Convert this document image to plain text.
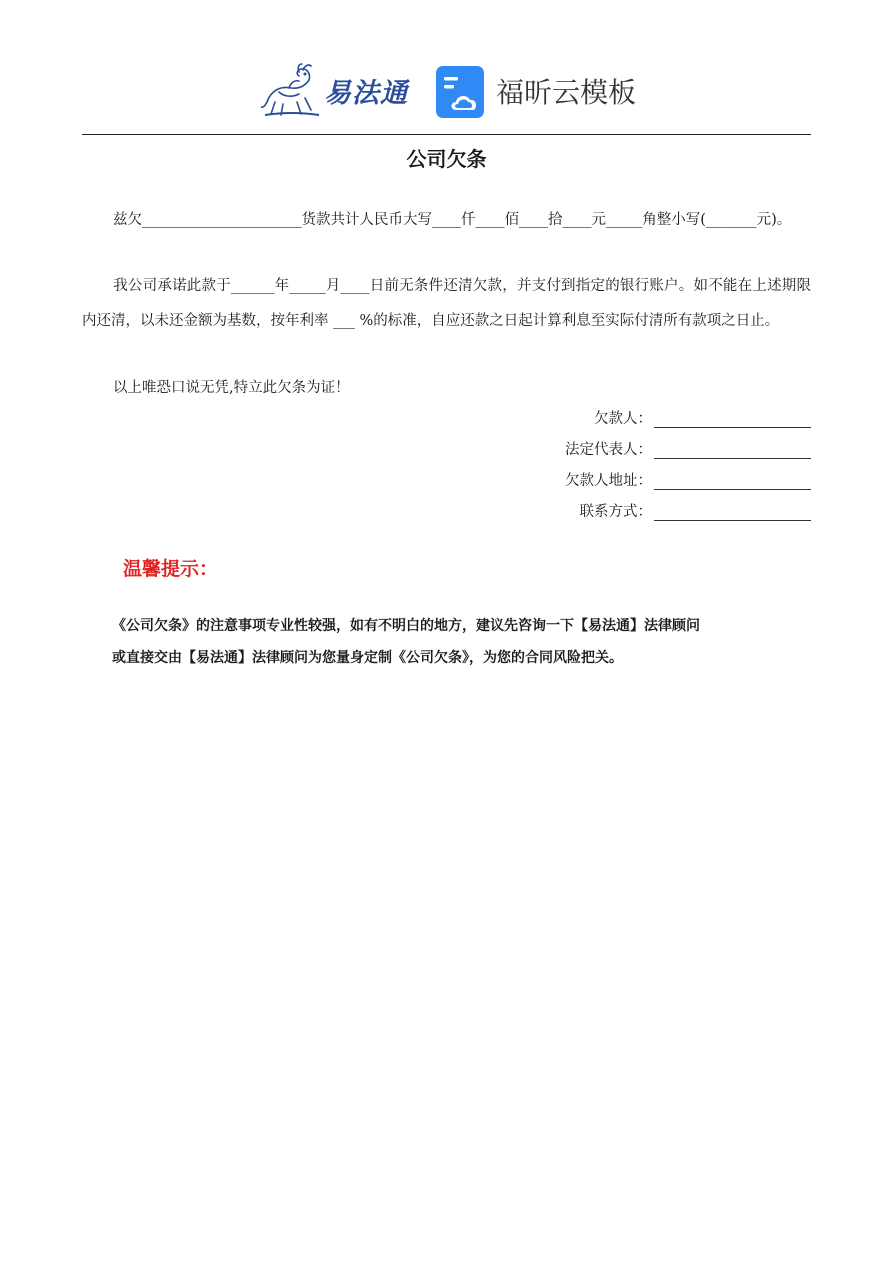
易法通	福昕云模板
公司欠条
兹欠______________________货款共计人民币大写____仟____佰____拾____元_____角整小写(_______元)。
我公司承诺此款于______年_____月____日前无条件还清欠款，并支付到指定的银行账户。如不能在上述期限内还清，以未还金额为基数，按年利率 ___ %的标准，自应还款之日起计算利息至实际付清所有款项之日止。
以上唯恐口说无凭,特立此欠条为证！
欠款人：
法定代表人：
欠款人地址：
联系方式：
温馨提示：
《公司欠条》的注意事项专业性较强，如有不明白的地方，建议先咨询一下【易法通】法律顾问
或直接交由【易法通】法律顾问为您量身定制《公司欠条》，为您的合同风险把关。
